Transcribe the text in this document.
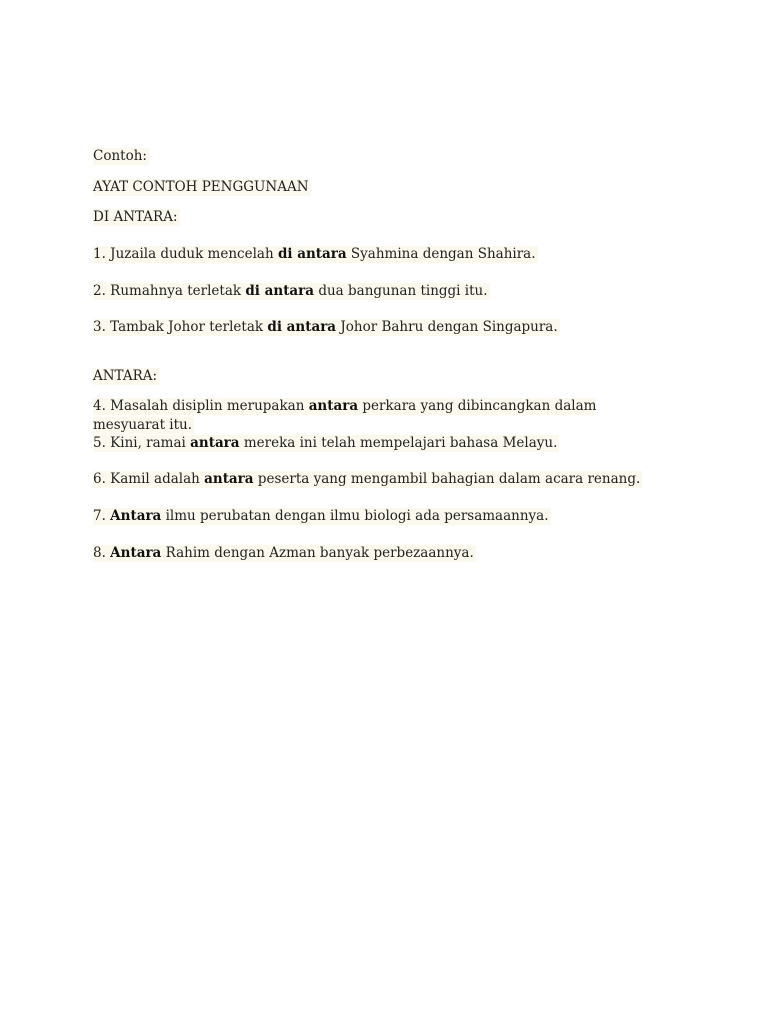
Contoh:
AYAT CONTOH PENGGUNAAN
DI ANTARA:
1. Juzaila duduk mencelah di antara Syahmina dengan Shahira.
2. Rumahnya terletak di antara dua bangunan tinggi itu.
3. Tambak Johor terletak di antara Johor Bahru dengan Singapura.
ANTARA:
4. Masalah disiplin merupakan antara perkara yang dibincangkan dalam mesyuarat itu.
5. Kini, ramai antara mereka ini telah mempelajari bahasa Melayu.
6. Kamil adalah antara peserta yang mengambil bahagian dalam acara renang.
7. Antara ilmu perubatan dengan ilmu biologi ada persamaannya.
8. Antara Rahim dengan Azman banyak perbezaannya.
